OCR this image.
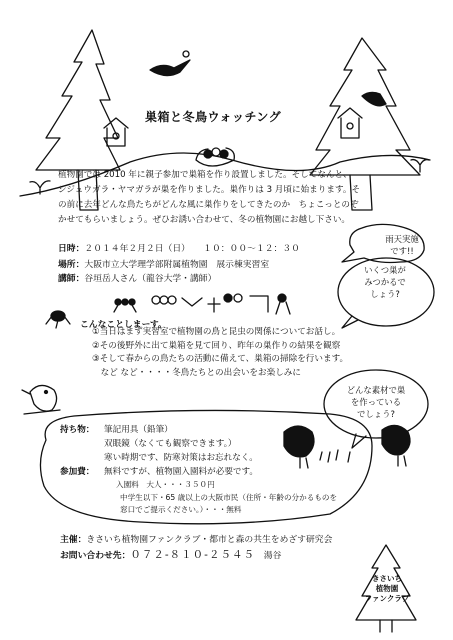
巣箱と冬鳥ウォッチング

植物園では 2010 年に親子参加で巣箱を作り設置しました。そしてなんと、

シジュウガラ・ヤマガラが巣を作りました。巣作りは 3 月頃に始まります。そ

の前に去年どんな鳥たちがどんな風に巣作りをしてきたのか　ちょこっとのぞ

かせてもらいましょう。ぜひお誘い合わせて、冬の植物園にお越し下さい。

日時：２０１４年２月２日（日）　　１０：００～１２：３０
場所：大阪市立大学理学部附属植物園　展示棟実習室
講師：谷垣岳人さん（龍谷大学・講師）
雨天実施
です!!
いくつ巣が
みつかるで
しょう?
どんな素材で巣
を作っている
でしょう?
こんなことしまーす。
①当日はまず実習室で植物園の鳥と昆虫の関係についてお話し。
②その後野外に出て巣箱を見て回り、昨年の巣作りの結果を観察
③そして春からの鳥たちの活動に備えて、巣箱の掃除を行います。
　など など・・・・冬鳥たちとの出会いをお楽しみに
持ち物： 筆記用具（鉛筆）
双眼鏡（なくても観察できます。）
寒い時期です、防寒対策はお忘れなく。
参加費： 無料ですが、植物園入園料が必要です。
入園料　大人・・・３５０円
中学生以下・65 歳以上の大阪市民（住所・年齢の分かるものを
窓口でご提示ください。）・・・無料
主催：きさいち植物園ファンクラブ・都市と森の共生をめざす研究会
お問い合わせ先：０７２‐８１０‐２５４５　 湯谷
きさいち
植物園
ファンクラブ
